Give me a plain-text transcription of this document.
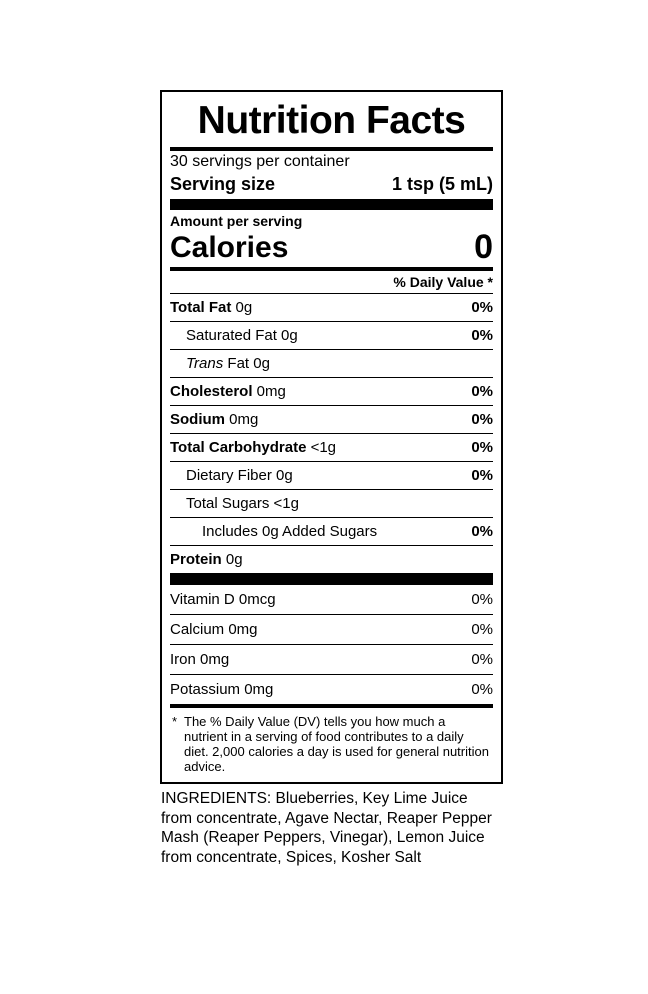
Nutrition Facts
30 servings per container
Serving size	1 tsp (5 mL)
Amount per serving
Calories	0
% Daily Value *
Total Fat 0g	0%
Saturated Fat 0g	0%
Trans Fat 0g
Cholesterol 0mg	0%
Sodium 0mg	0%
Total Carbohydrate <1g	0%
Dietary Fiber 0g	0%
Total Sugars <1g
Includes 0g Added Sugars	0%
Protein 0g
Vitamin D 0mcg	0%
Calcium 0mg	0%
Iron 0mg	0%
Potassium 0mg	0%
* The % Daily Value (DV) tells you how much a nutrient in a serving of food contributes to a daily diet. 2,000 calories a day is used for general nutrition advice.
INGREDIENTS: Blueberries, Key Lime Juice from concentrate, Agave Nectar, Reaper Pepper Mash (Reaper Peppers, Vinegar), Lemon Juice from concentrate, Spices, Kosher Salt
